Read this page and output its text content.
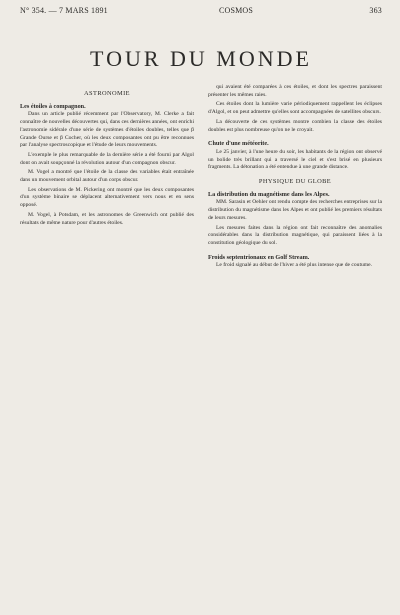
N° 354. — 7 MARS 1891	COSMOS	363
TOUR DU MONDE
ASTRONOMIE
Les étoiles à compagnon.

Dans un article publié récemment par l'Observatory, M. Clerke a fait connaître de nouvelles découvertes qui, dans ces dernières années, ont enrichi l'astronomie sidérale d'une série de systèmes d'étoiles doubles, telles que β Grande Ourse et β Cocher, où les deux composantes ont pu être reconnues par l'analyse spectroscopique et l'étude de leurs mouvements.

L'exemple le plus remarquable de la dernière série a été fourni par Algol dont on avait soupçonné la révolution autour d'un compagnon obscur.

M. Vogel a montré que l'étoile de la classe des variables était entraînée dans un mouvement orbital autour d'un corps obscur.

Les observations de M. Pickering ont montré que les deux composantes d'un système binaire se déplacent alternativement vers nous et en sens opposé.

M. Vogel, à Potsdam, et les astronomes de Greenwich ont publié des résultats de même nature pour d'autres étoiles.

qui avaient été comparées à ces étoiles, et dont les spectres paraissent présenter les mêmes raies.

Ces étoiles dont la lumière varie périodiquement rappellent les éclipses d'Algol, et on peut admettre qu'elles sont accompagnées de satellites obscurs.

La découverte de ces systèmes montre combien la classe des étoiles doubles est plus nombreuse qu'on ne le croyait.

Chute d'une météorite.

Le 25 janvier, à l'une heure du soir, les habitants de la région ont observé un bolide très brillant qui a traversé le ciel et s'est brisé en plusieurs fragments. La détonation a été entendue à une grande distance.

PHYSIQUE DU GLOBE
La distribution du magnétisme dans les Alpes.

MM. Sarasin et Oehler ont rendu compte des recherches entreprises sur la distribution du magnétisme dans les Alpes et ont publié les premiers résultats de leurs mesures.

Les mesures faites dans la région ont fait reconnaître des anomalies considérables dans la distribution magnétique, qui paraissent liées à la constitution géologique du sol.

Froids septentrionaux en Golf Stream.

Le froid signalé au début de l'hiver a été plus intense que de coutume.
